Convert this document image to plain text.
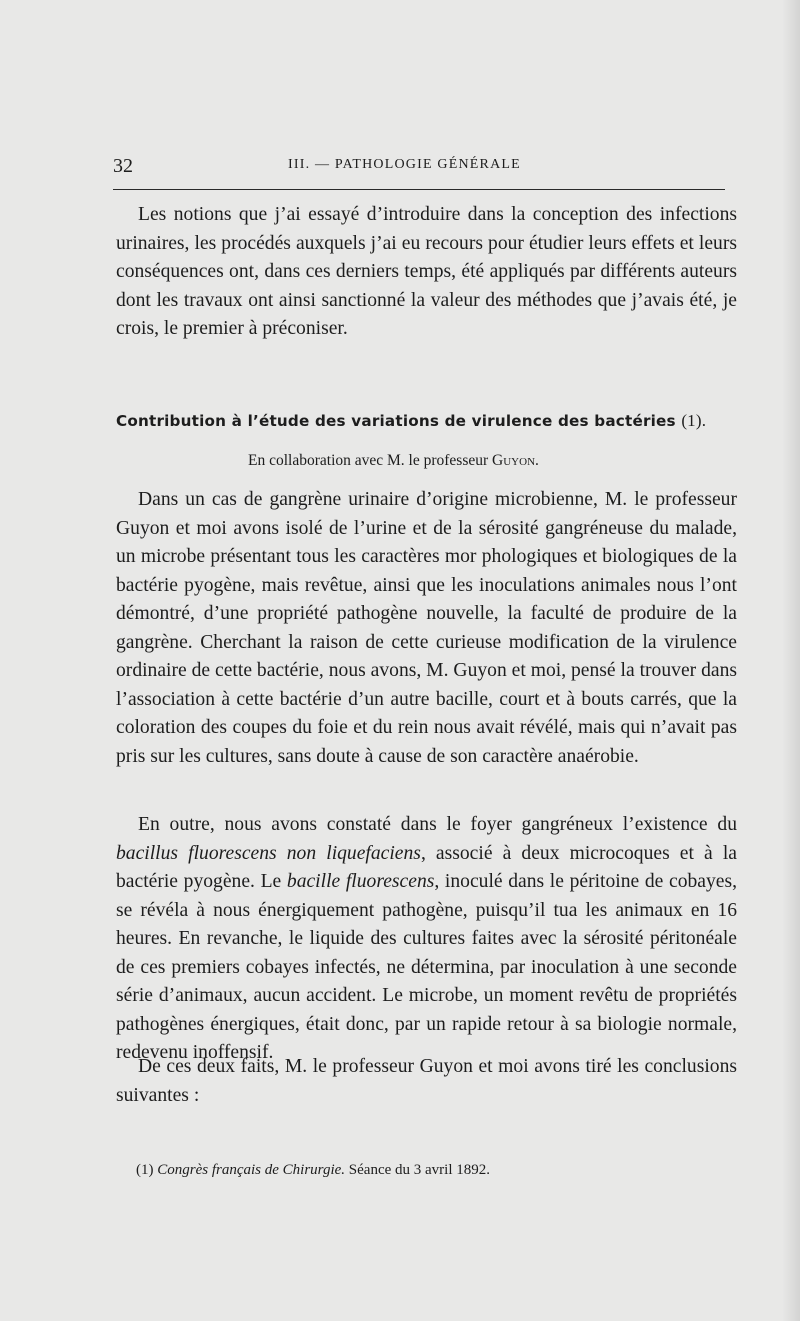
32	III. — PATHOLOGIE GÉNÉRALE

Les notions que j’ai essayé d’introduire dans la conception des infections urinaires, les procédés auxquels j’ai eu recours pour étudier leurs effets et leurs conséquences ont, dans ces derniers temps, été appliqués par différents auteurs dont les travaux ont ainsi sanctionné la valeur des méthodes que j’avais été, je crois, le premier à préconiser.

Contribution à l’étude des variations de virulence des bactéries (1).

En collaboration avec M. le professeur Guyon.

Dans un cas de gangrène urinaire d’origine microbienne, M. le professeur Guyon et moi avons isolé de l’urine et de la sérosité gangréneuse du malade, un microbe présentant tous les caractères mor phologiques et biologiques de la bactérie pyogène, mais revêtue, ainsi que les inoculations animales nous l’ont démontré, d’une propriété pathogène nouvelle, la faculté de produire de la gangrène. Cherchant la raison de cette curieuse modification de la virulence ordinaire de cette bactérie, nous avons, M. Guyon et moi, pensé la trouver dans l’association à cette bactérie d’un autre bacille, court et à bouts carrés, que la coloration des coupes du foie et du rein nous avait révélé, mais qui n’avait pas pris sur les cultures, sans doute à cause de son caractère anaérobie.

En outre, nous avons constaté dans le foyer gangréneux l’existence du bacillus fluorescens non liquefaciens, associé à deux microcoques et à la bactérie pyogène. Le bacille fluorescens, inoculé dans le péritoine de cobayes, se révéla à nous énergiquement pathogène, puisqu’il tua les animaux en 16 heures. En revanche, le liquide des cultures faites avec la sérosité péritonéale de ces premiers cobayes infectés, ne détermina, par inoculation à une seconde série d’animaux, aucun accident. Le microbe, un moment revêtu de propriétés pathogènes énergiques, était donc, par un rapide retour à sa biologie normale, redevenu inoffensif.

De ces deux faits, M. le professeur Guyon et moi avons tiré les conclusions suivantes :

(1) Congrès français de Chirurgie. Séance du 3 avril 1892.
